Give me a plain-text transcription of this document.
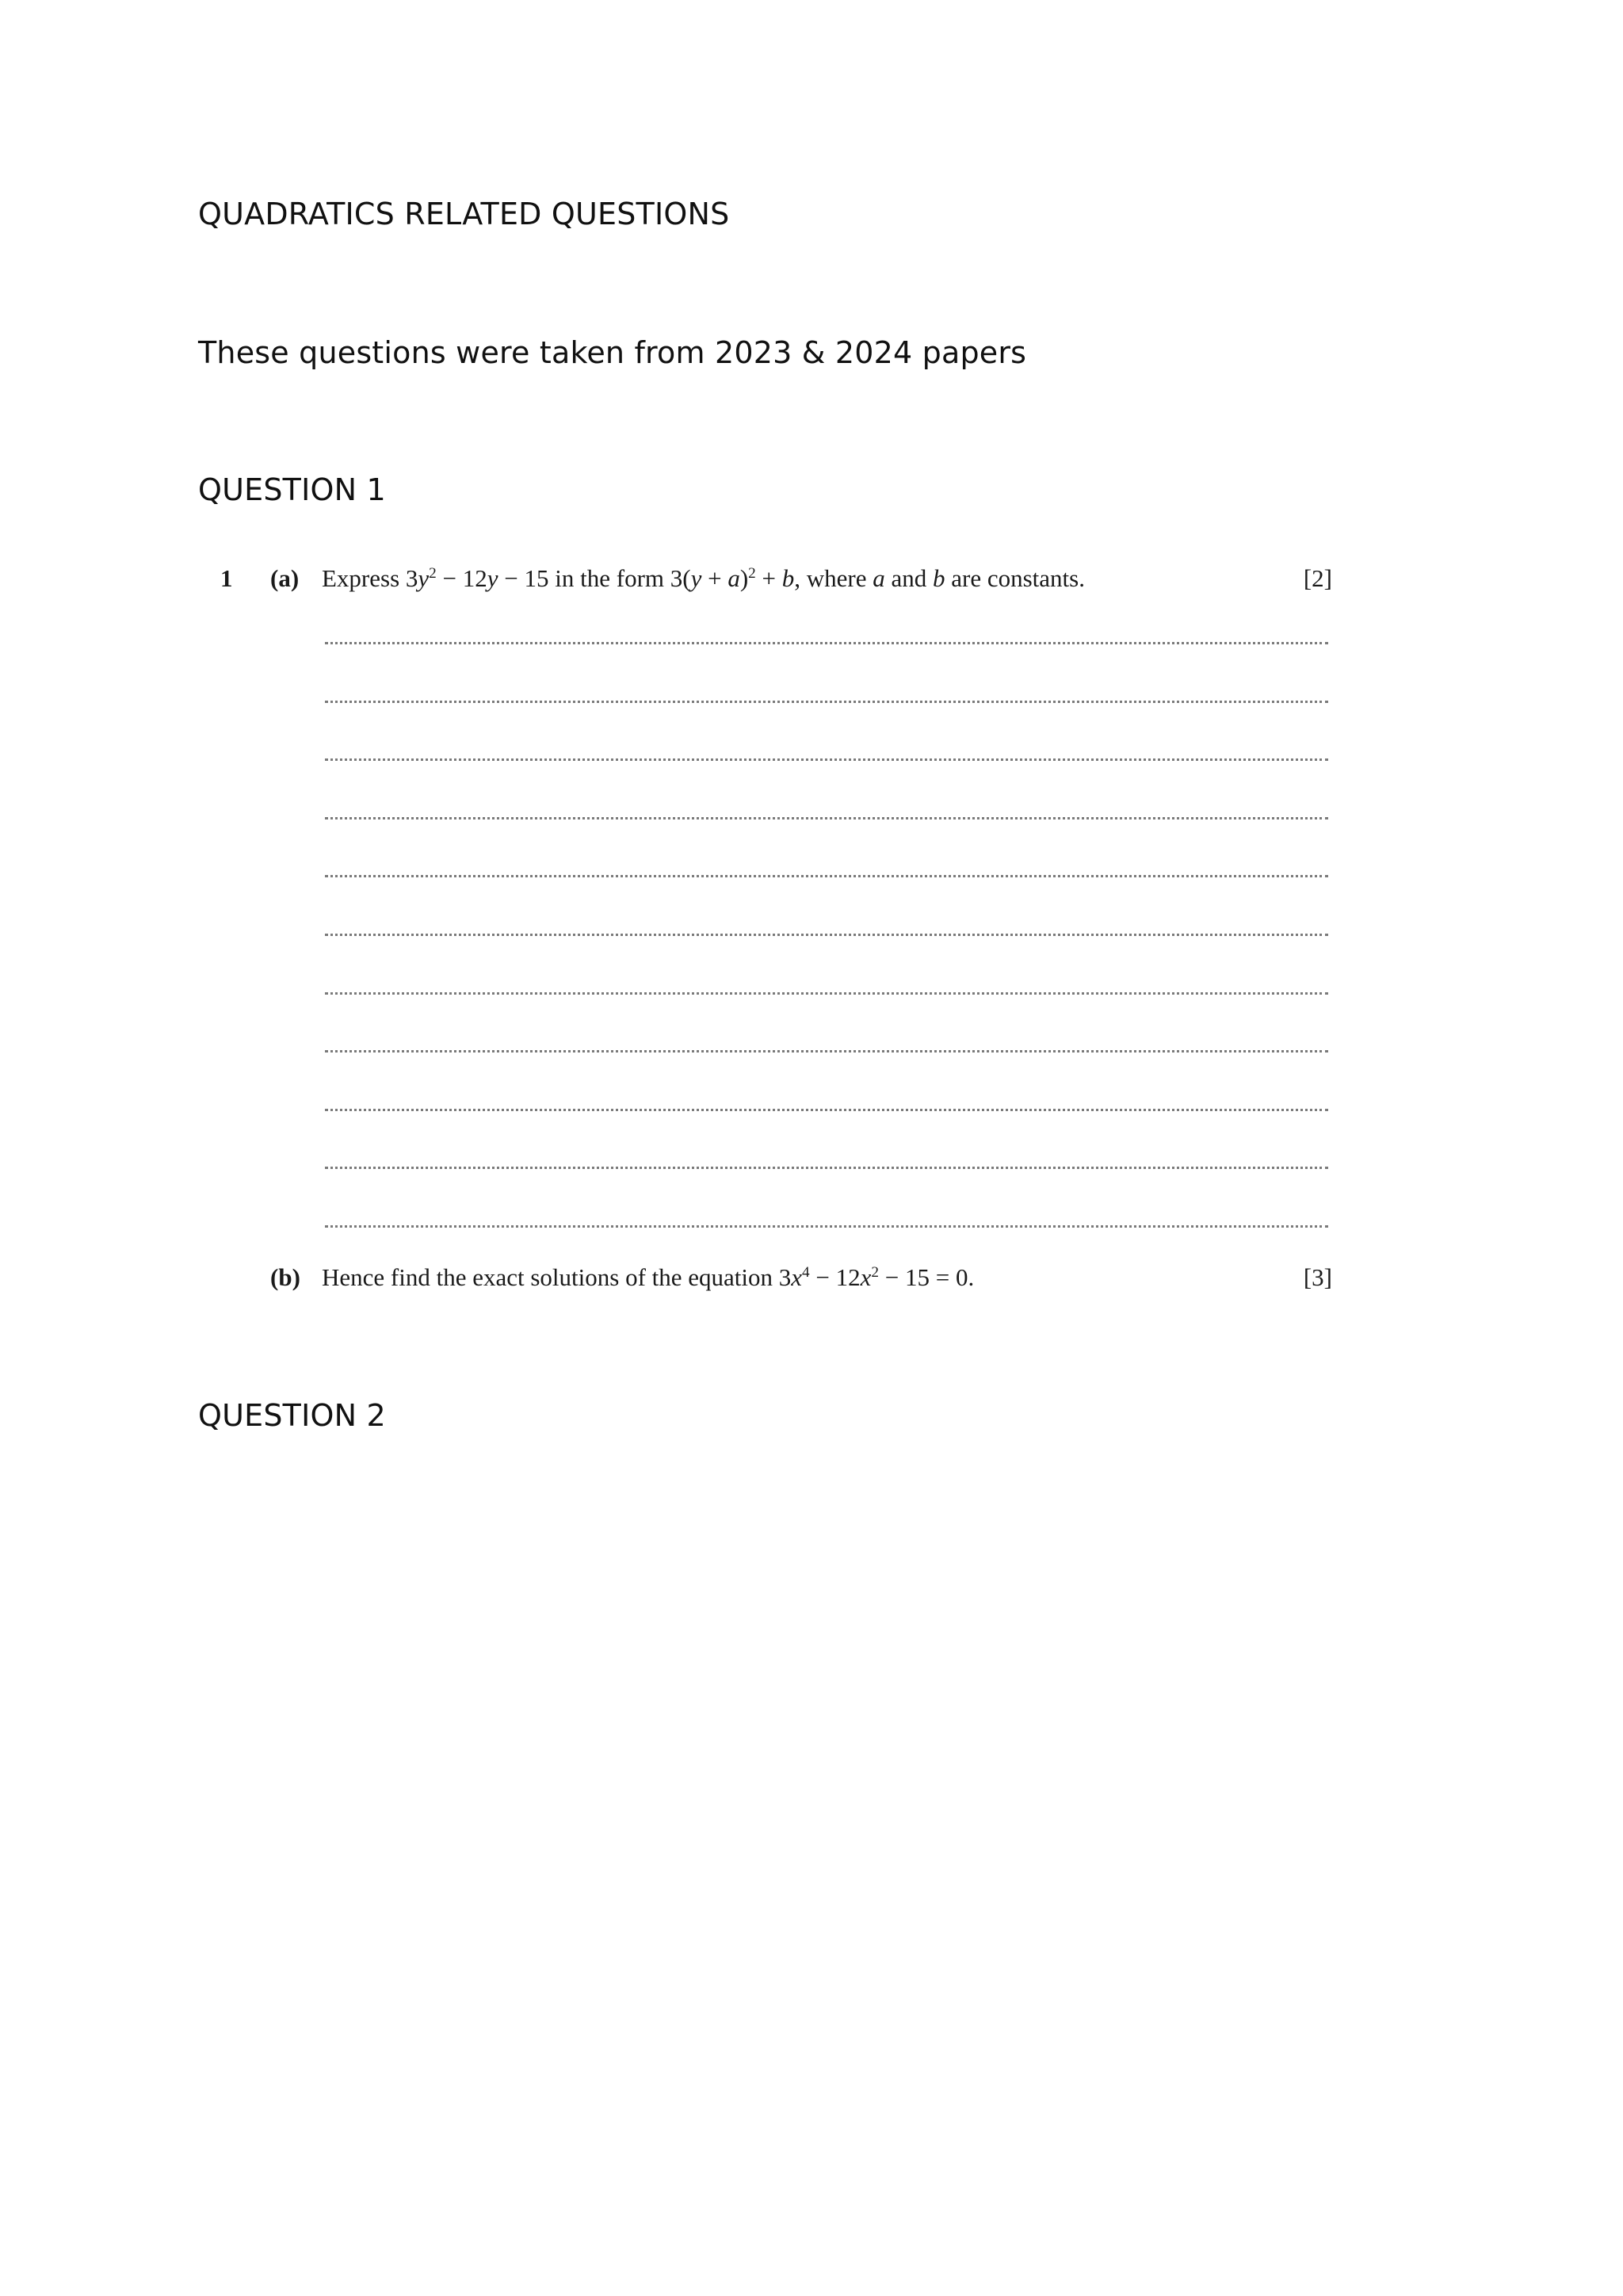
QUADRATICS RELATED QUESTIONS

These questions were taken from 2023 & 2024 papers

QUESTION 1
1 (a) Express $3y^2 - 12y - 15$ in the form $3(y + a)^2 + b$, where a and b are constants.	[2]
(b) Hence find the exact solutions of the equation $3x^4 - 12x^2 - 15 = 0$.	[3]
QUESTION 2
